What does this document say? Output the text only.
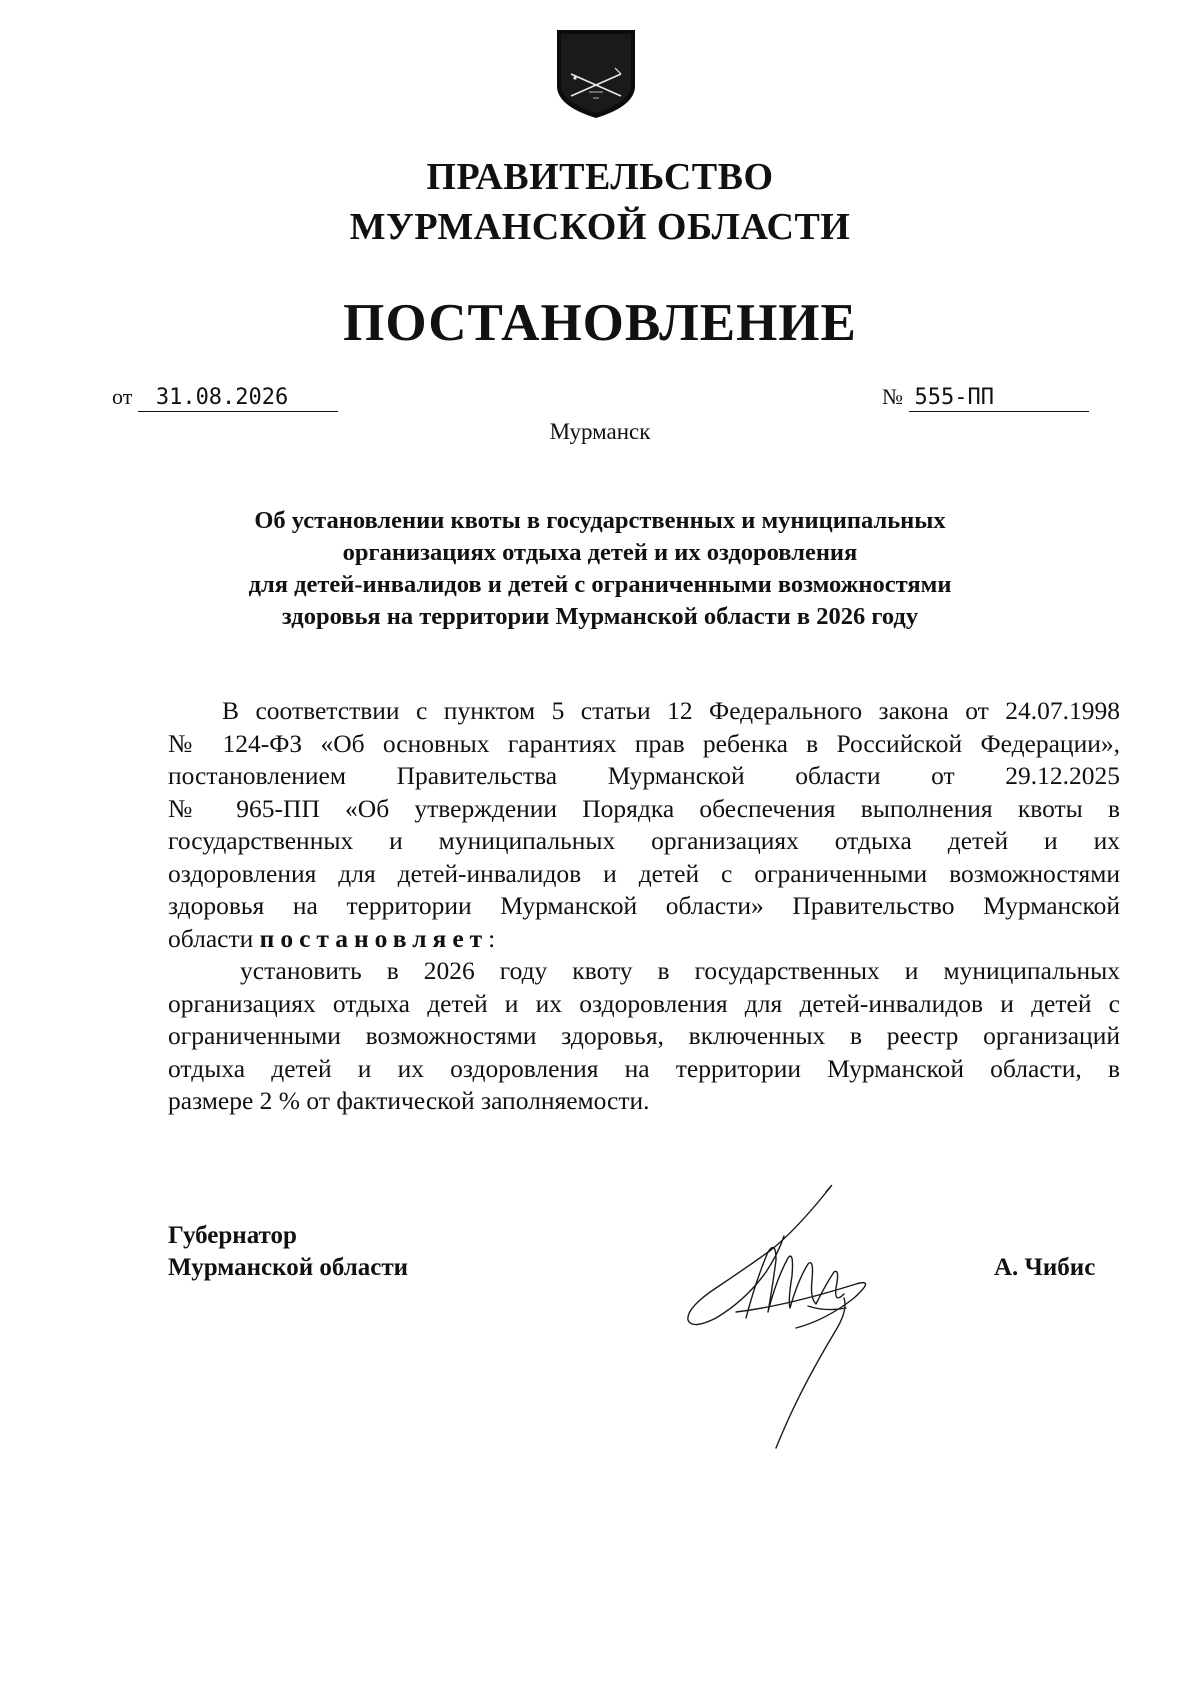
ПРАВИТЕЛЬСТВО
МУРМАНСКОЙ ОБЛАСТИ
ПОСТАНОВЛЕНИЕ
от 31.08.2026	№ 555-ПП
Мурманск
Об установлении квоты в государственных и муниципальных
организациях отдыха детей и их оздоровления
для детей-инвалидов и детей с ограниченными возможностями
здоровья на территории Мурманской области в 2026 году
В соответствии с пунктом 5 статьи 12 Федерального закона от 24.07.1998
№ 124-ФЗ «Об основных гарантиях прав ребенка в Российской Федерации»,
постановлением Правительства Мурманской области от 29.12.2025
№ 965-ПП «Об утверждении Порядка обеспечения выполнения квоты в
государственных и муниципальных организациях отдыха детей и их
оздоровления для детей-инвалидов и детей с ограниченными возможностями
здоровья на территории Мурманской области» Правительство Мурманской
области постановляет:
установить в 2026 году квоту в государственных и муниципальных
организациях отдыха детей и их оздоровления для детей-инвалидов и детей с
ограниченными возможностями здоровья, включенных в реестр организаций
отдыха детей и их оздоровления на территории Мурманской области, в
размере 2 % от фактической заполняемости.
Губернатор
Мурманской области	А. Чибис
